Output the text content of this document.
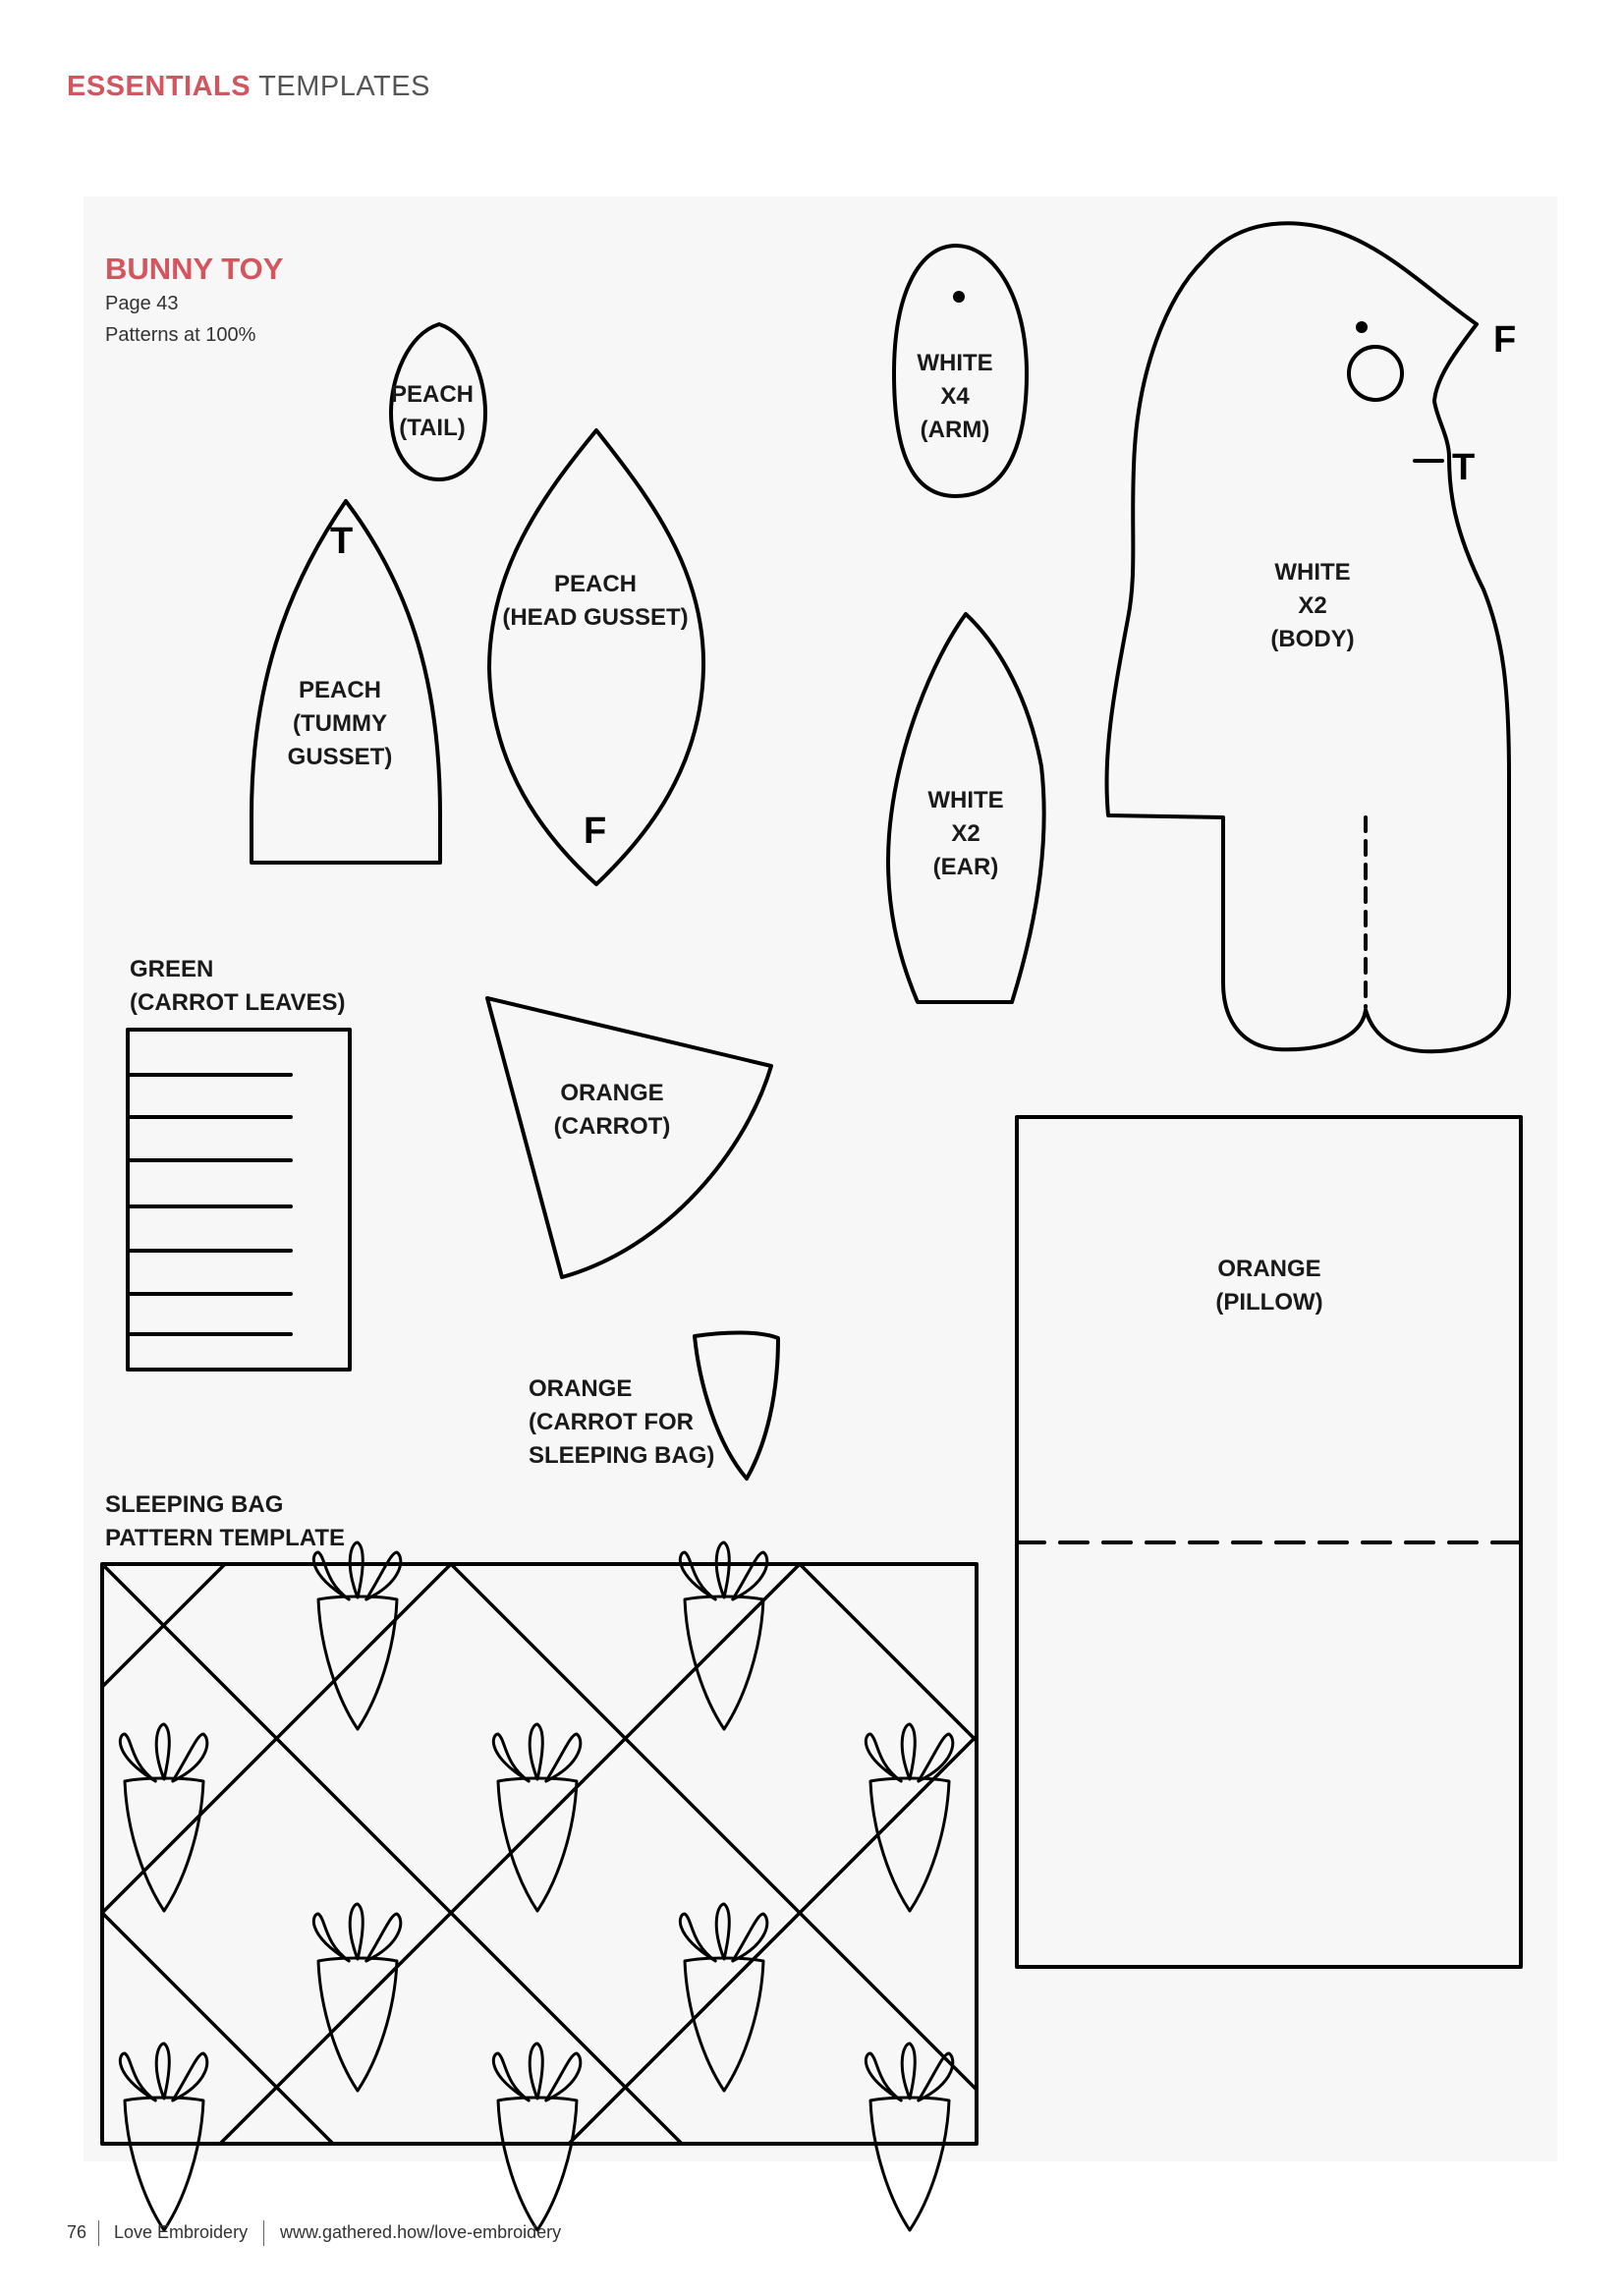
ESSENTIALS TEMPLATES
BUNNY TOY
Page 43
Patterns at 100%
PEACH
(TAIL)
PEACH
(HEAD GUSSET)
PEACH
(TUMMY
GUSSET)
WHITE
X4
(ARM)
WHITE
X2
(EAR)
WHITE
X2
(BODY)
GREEN
(CARROT LEAVES)
ORANGE
(CARROT)
ORANGE
(CARROT FOR
SLEEPING BAG)
SLEEPING BAG
PATTERN TEMPLATE
ORANGE
(PILLOW)
T
F
F
T
76 Love Embroidery www.gathered.how/love-embroidery
